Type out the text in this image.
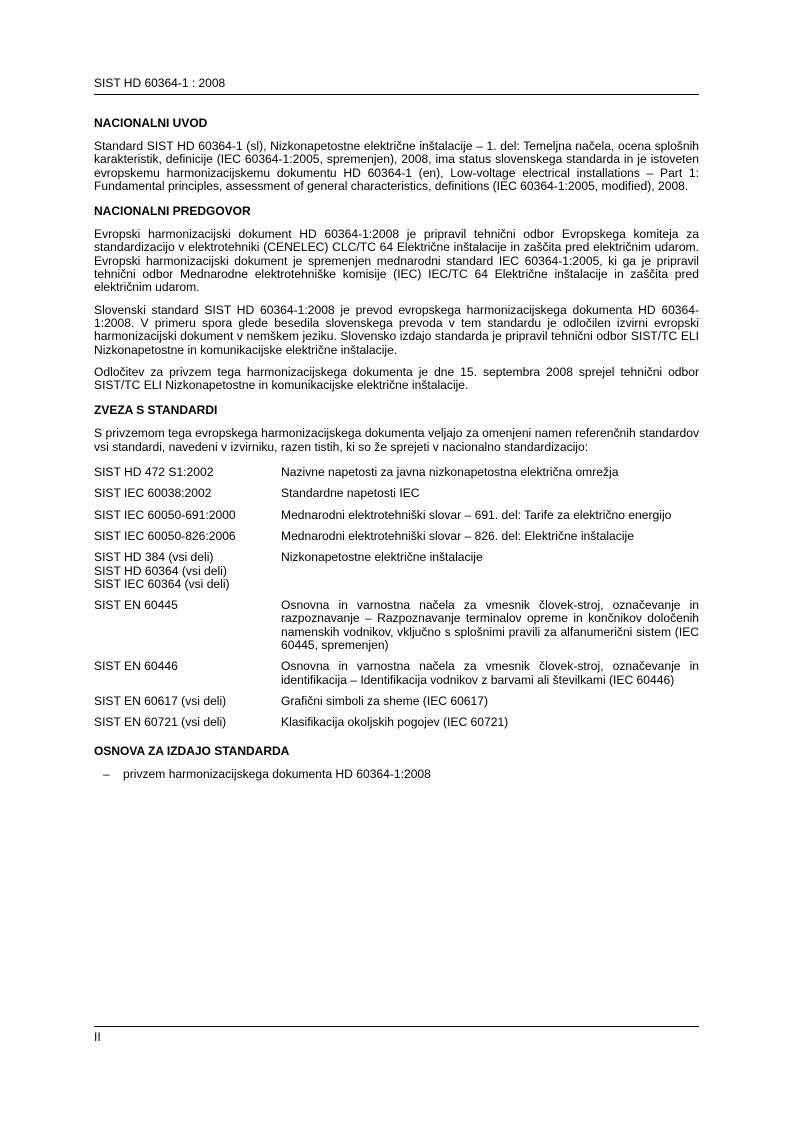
SIST HD 60364-1 : 2008
NACIONALNI UVOD

Standard SIST HD 60364-1 (sl), Nizkonapetostne električne inštalacije – 1. del: Temeljna načela, ocena splošnih karakteristik, definicije (IEC 60364-1:2005, spremenjen), 2008, ima status slovenskega standarda in je istoveten evropskemu harmonizacijskemu dokumentu HD 60364-1 (en), Low-voltage electrical installations – Part 1: Fundamental principles, assessment of general characteristics, definitions (IEC 60364-1:2005, modified), 2008.

NACIONALNI PREDGOVOR

Evropski harmonizacijski dokument HD 60364-1:2008 je pripravil tehnični odbor Evropskega komiteja za standardizacijo v elektrotehniki (CENELEC) CLC/TC 64 Električne inštalacije in zaščita pred električnim udarom. Evropski harmonizacijski dokument je spremenjen mednarodni standard IEC 60364-1:2005, ki ga je pripravil tehnični odbor Mednarodne elektrotehniške komisije (IEC) IEC/TC 64 Električne inštalacije in zaščita pred električnim udarom.

Slovenski standard SIST HD 60364-1:2008 je prevod evropskega harmonizacijskega dokumenta HD 60364-1:2008. V primeru spora glede besedila slovenskega prevoda v tem standardu je odločilen izvirni evropski harmonizacijski dokument v nemškem jeziku. Slovensko izdajo standarda je pripravil tehnični odbor SIST/TC ELI Nizkonapetostne in komunikacijske električne inštalacije.

Odločitev za privzem tega harmonizacijskega dokumenta je dne 15. septembra 2008 sprejel tehnični odbor SIST/TC ELI Nizkonapetostne in komunikacijske električne inštalacije.

ZVEZA S STANDARDI

S privzemom tega evropskega harmonizacijskega dokumenta veljajo za omenjeni namen referenčnih standardov vsi standardi, navedeni v izvirniku, razen tistih, ki so že sprejeti v nacionalno standardizacijo:

SIST HD 472 S1:2002	Nazivne napetosti za javna nizkonapetostna električna omrežja
SIST IEC 60038:2002	Standardne napetosti IEC
SIST IEC 60050-691:2000	Mednarodni elektrotehniški slovar – 691. del: Tarife za električno energijo
SIST IEC 60050-826:2006	Mednarodni elektrotehniški slovar – 826. del: Električne inštalacije

SIST HD 384 (vsi deli)
SIST HD 60364 (vsi deli)
SIST IEC 60364 (vsi deli)	Nizkonapetostne električne inštalacije
SIST EN 60445	Osnovna in varnostna načela za vmesnik človek-stroj, označevanje in razpoznavanje – Razpoznavanje terminalov opreme in končnikov določenih namenskih vodnikov, vključno s splošnimi pravili za alfanumerični sistem (IEC 60445, spremenjen)
SIST EN 60446	Osnovna in varnostna načela za vmesnik človek-stroj, označevanje in identifikacija – Identifikacija vodnikov z barvami ali številkami (IEC 60446)
SIST EN 60617 (vsi deli)	Grafični simboli za sheme (IEC 60617)
SIST EN 60721 (vsi deli)	Klasifikacija okoljskih pogojev (IEC 60721)
OSNOVA ZA IZDAJO STANDARDA
– privzem harmonizacijskega dokumenta HD 60364-1:2008
II
